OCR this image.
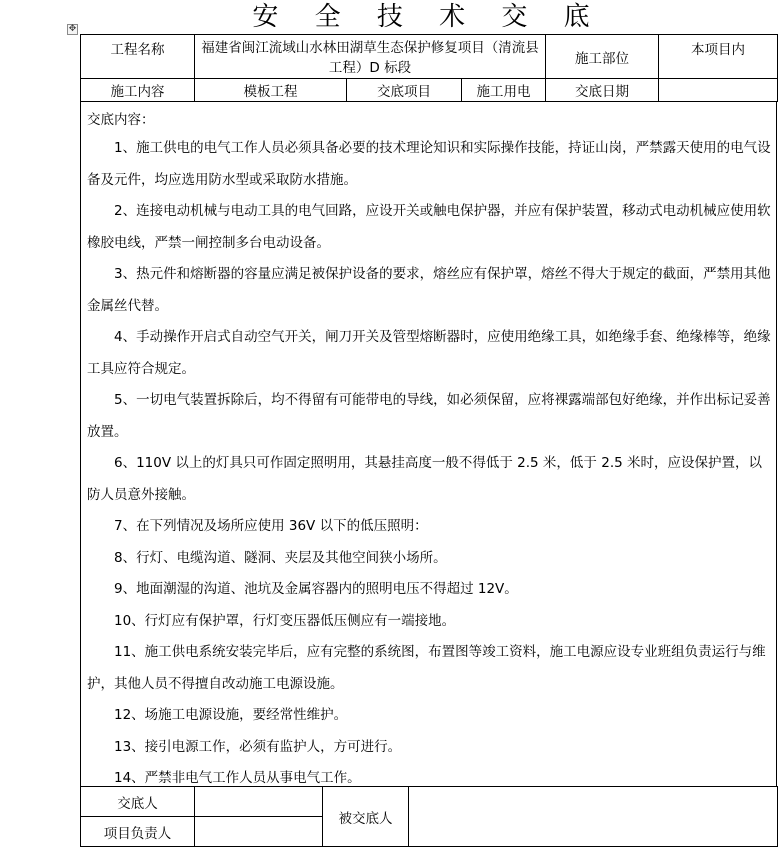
✥	安 全 技 术 交 底
工程名称	福建省闽江流域山水林田湖草生态保护修复项目（清流县工程）D 标段			施工部位	本项目内
施工内容	模板工程	交底项目	施工用电	交底日期	

交底内容：

1、施工供电的电气工作人员必须具备必要的技术理论知识和实际操作技能，持证山岗，严禁露天使用的电气设备及元件，均应选用防水型或采取防水措施。

2、连接电动机械与电动工具的电气回路，应设开关或触电保护器，并应有保护装置，移动式电动机械应使用软橡胶电线，严禁一闸控制多台电动设备。

3、热元件和熔断器的容量应满足被保护设备的要求，熔丝应有保护罩，熔丝不得大于规定的截面，严禁用其他金属丝代替。

4、手动操作开启式自动空气开关，闸刀开关及管型熔断器时，应使用绝缘工具，如绝缘手套、绝缘棒等，绝缘工具应符合规定。

5、一切电气装置拆除后，均不得留有可能带电的导线，如必须保留，应将裸露端部包好绝缘，并作出标记妥善放置。

6、110V 以上的灯具只可作固定照明用，其悬挂高度一般不得低于 2.5 米，低于 2.5 米时，应设保护置，以防人员意外接触。

7、在下列情况及场所应使用 36V 以下的低压照明：

8、行灯、电缆沟道、隧洞、夹层及其他空间狭小场所。

9、地面潮湿的沟道、池坑及金属容器内的照明电压不得超过 12V。

10、行灯应有保护罩，行灯变压器低压侧应有一端接地。

11、施工供电系统安装完毕后，应有完整的系统图，布置图等竣工资料，施工电源应设专业班组负责运行与维护，其他人员不得擅自改动施工电源设施。

12、场施工电源设施，要经常性维护。

13、接引电源工作，必须有监护人，方可进行。

14、严禁非电气工作人员从事电气工作。

交底人		被交底人	
项目负责人			
